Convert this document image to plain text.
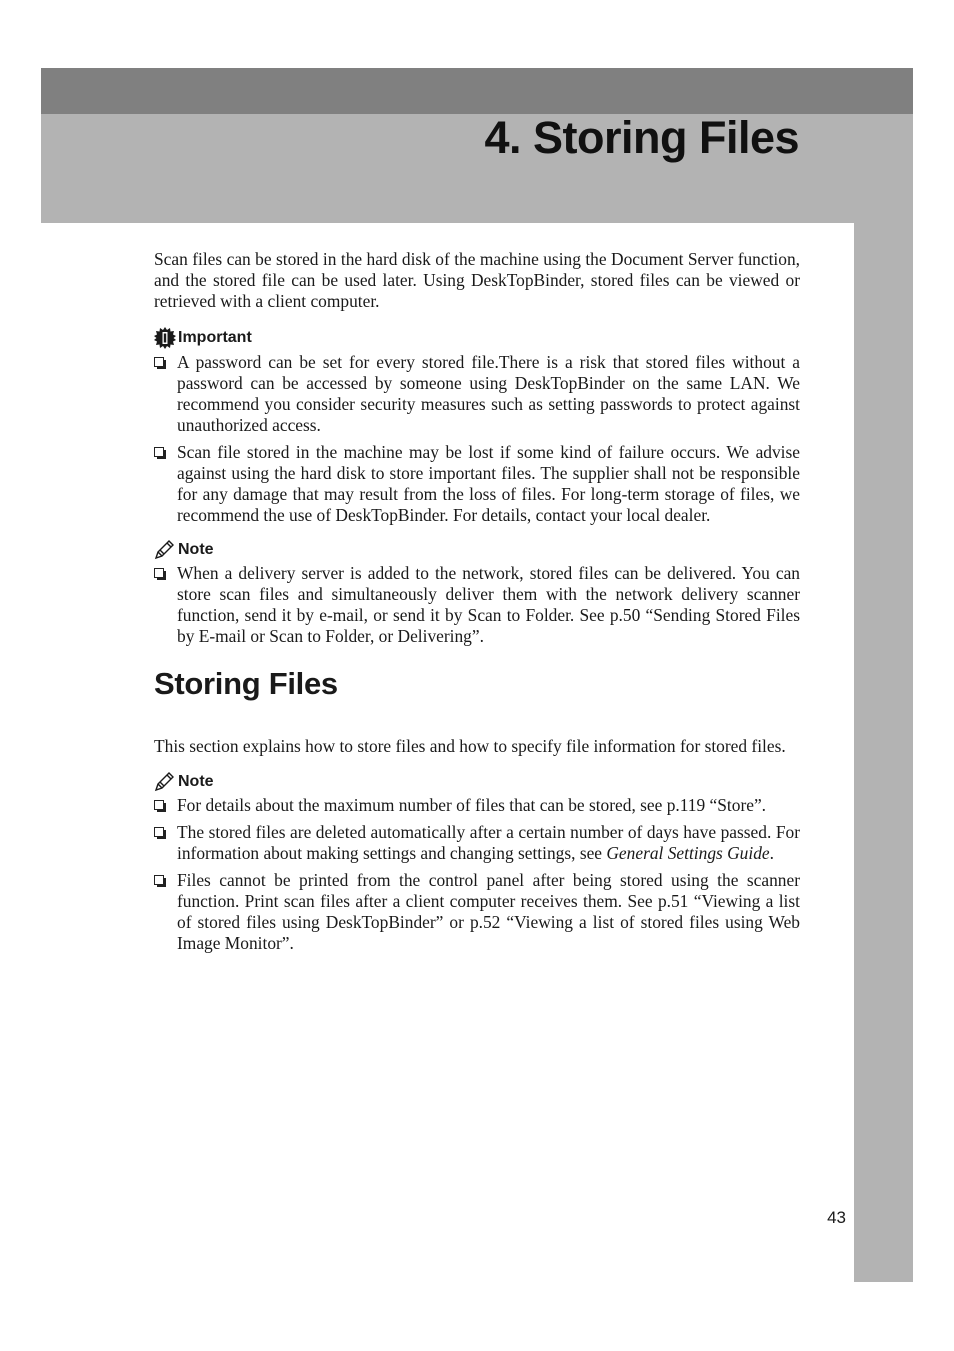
4. Storing Files

Scan files can be stored in the hard disk of the machine using the Document Server function, and the stored file can be used later. Using DeskTopBinder, stored files can be viewed or retrieved with a client computer.

Important
A password can be set for every stored file.There is a risk that stored files without a password can be accessed by someone using DeskTopBinder on the same LAN. We recommend you consider security measures such as setting passwords to protect against unauthorized access.
Scan file stored in the machine may be lost if some kind of failure occurs. We advise against using the hard disk to store important files. The supplier shall not be responsible for any damage that may result from the loss of files. For long-term storage of files, we recommend the use of DeskTopBinder. For details, contact your local dealer.
Note
When a delivery server is added to the network, stored files can be delivered. You can store scan files and simultaneously deliver them with the network delivery scanner function, send it by e-mail, or send it by Scan to Folder. See p.50 “Sending Stored Files by E-mail or Scan to Folder, or Delivering”.
Storing Files

This section explains how to store files and how to specify file information for stored files.

Note
For details about the maximum number of files that can be stored, see p.119 “Store”.
The stored files are deleted automatically after a certain number of days have passed. For information about making settings and changing settings, see General Settings Guide.
Files cannot be printed from the control panel after being stored using the scanner function. Print scan files after a client computer receives them. See p.51 “Viewing a list of stored files using DeskTopBinder” or p.52 “Viewing a list of stored files using Web Image Monitor”.
43
